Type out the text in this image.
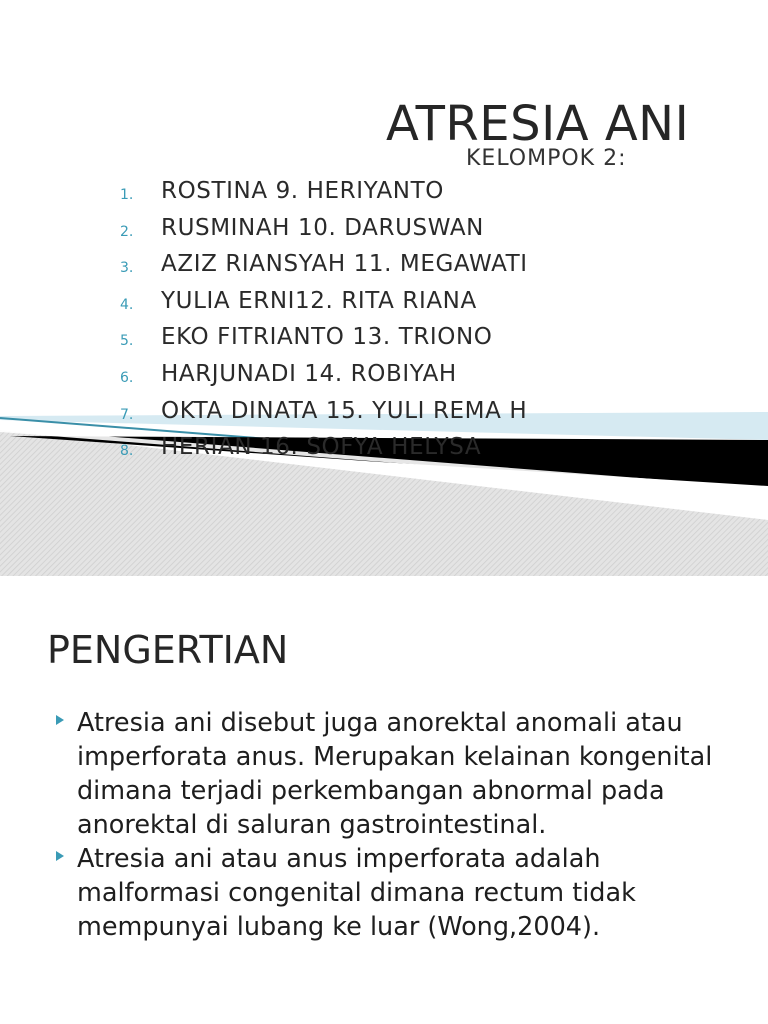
ATRESIA ANI
KELOMPOK 2:
1.	ROSTINA 9. HERIYANTO
2.	RUSMINAH 10. DARUSWAN
3.	AZIZ RIANSYAH 11. MEGAWATI
4.	YULIA ERNI12. RITA RIANA
5.	EKO FITRIANTO 13. TRIONO
6.	HARJUNADI 14. ROBIYAH
7.	OKTA DINATA 15. YULI REMA H
8.	HERIAN 16. SOFYA HELYSA
PENGERTIAN
Atresia ani disebut juga anorektal anomali atau imperforata anus. Merupakan kelainan kongenital dimana terjadi perkembangan abnormal pada anorektal di saluran gastrointestinal.
Atresia ani atau anus imperforata adalah malformasi congenital dimana rectum tidak mempunyai lubang ke luar (Wong,2004).
